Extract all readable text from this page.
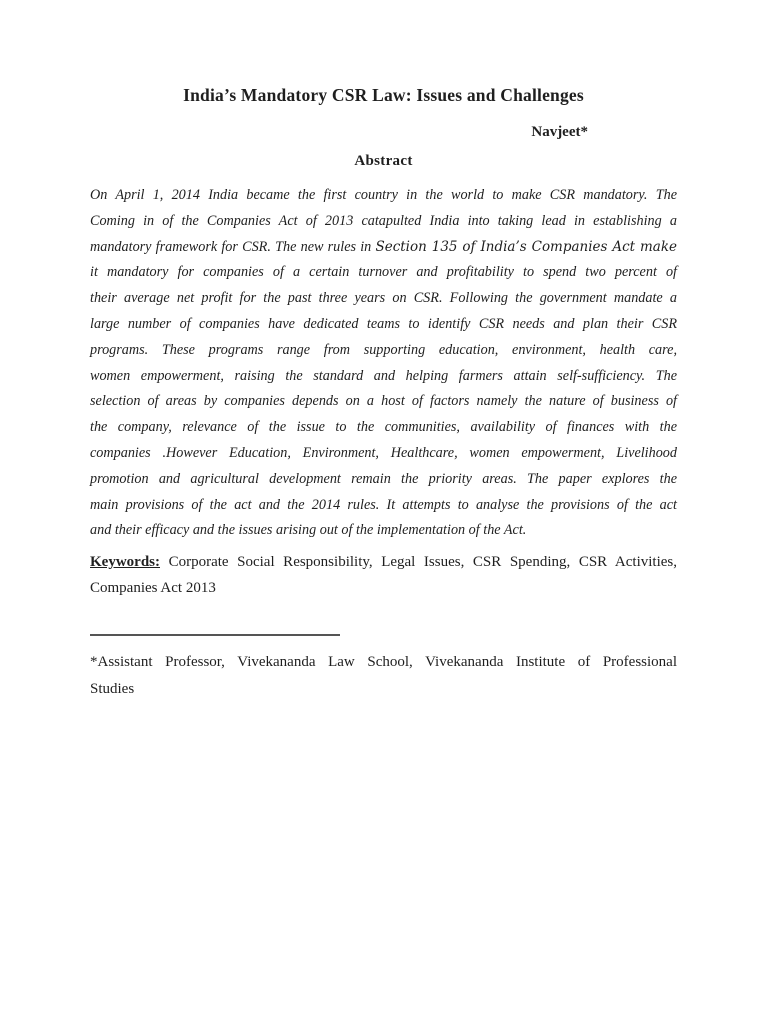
India’s Mandatory CSR Law: Issues and Challenges
Navjeet*
Abstract
On April 1, 2014 India became the first country in the world to make CSR mandatory. The
Coming in of the Companies Act of 2013 catapulted India into taking lead in establishing a
mandatory framework for CSR. The new rules in Section 135 of India’s Companies Act make
it mandatory for companies of a certain turnover and profitability to spend two percent of
their average net profit for the past three years on CSR. Following the government mandate a
large number of companies have dedicated teams to identify CSR needs and plan their CSR
programs. These programs range from supporting education, environment, health care,
women empowerment, raising the standard and helping farmers attain self-sufficiency. The
selection of areas by companies depends on a host of factors namely the nature of business of
the company, relevance of the issue to the communities, availability of finances with the
companies .However Education, Environment, Healthcare, women empowerment, Livelihood
promotion and agricultural development remain the priority areas. The paper explores the
main provisions of the act and the 2014 rules. It attempts to analyse the provisions of the act
and their efficacy and the issues arising out of the implementation of the Act.
Keywords: Corporate Social Responsibility, Legal Issues, CSR Spending, CSR Activities,
Companies Act 2013
*Assistant Professor, Vivekananda Law School, Vivekananda Institute of Professional
Studies
